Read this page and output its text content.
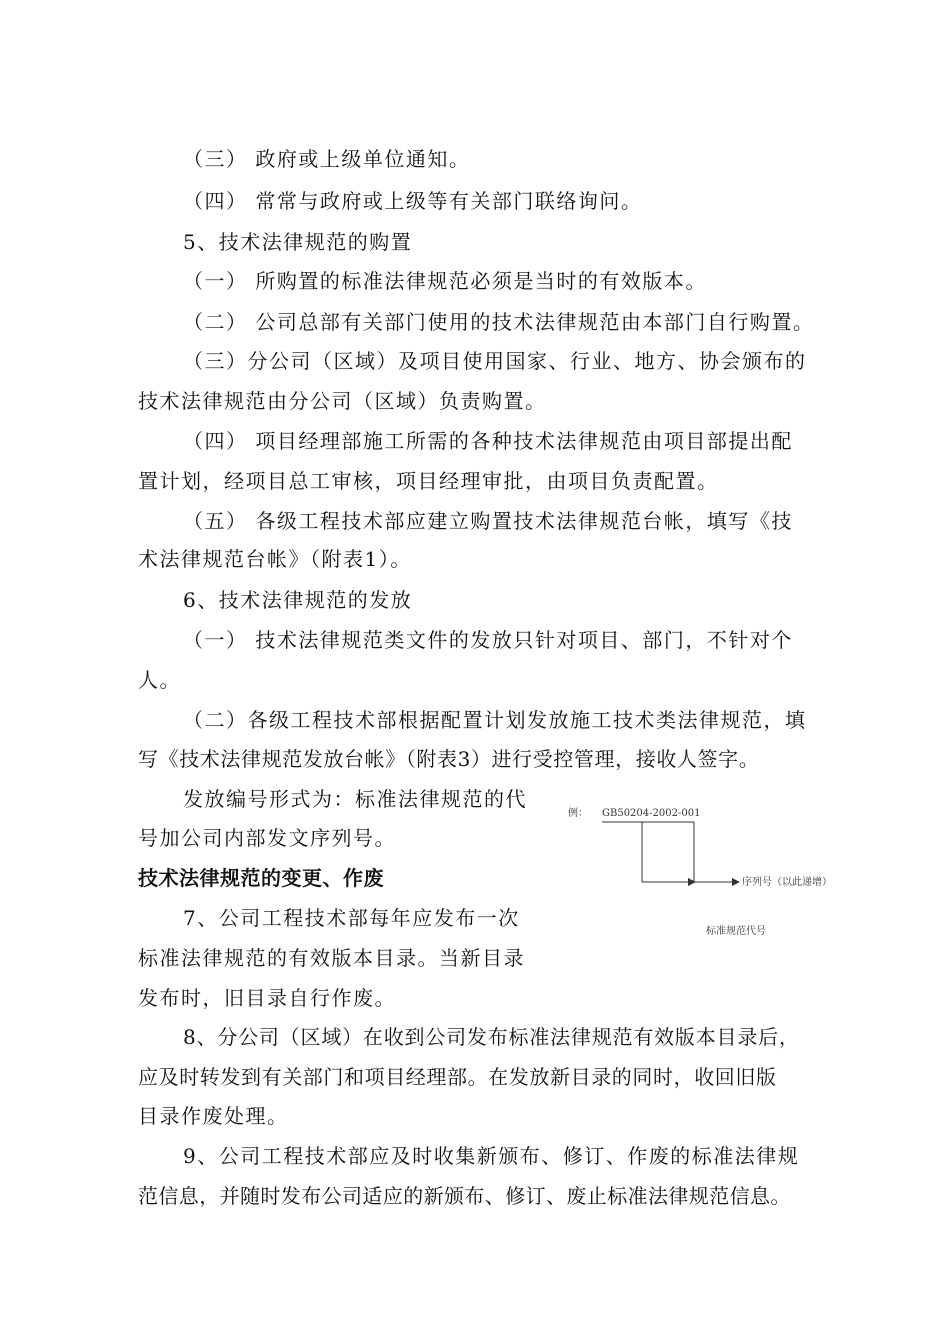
（三） 政府或上级单位通知。
（四） 常常与政府或上级等有关部门联络询问。
5、技术法律规范的购置
（一） 所购置的标准法律规范必须是当时的有效版本。
（二） 公司总部有关部门使用的技术法律规范由本部门自行购置。
（三）分公司（区域）及项目使用国家、行业、地方、协会颁布的
技术法律规范由分公司（区域）负责购置。
（四） 项目经理部施工所需的各种技术法律规范由项目部提出配
置计划，经项目总工审核，项目经理审批，由项目负责配置。
（五） 各级工程技术部应建立购置技术法律规范台帐，填写《技
术法律规范台帐》（附表1）。
6、技术法律规范的发放
（一） 技术法律规范类文件的发放只针对项目、部门，不针对个
人。
（二）各级工程技术部根据配置计划发放施工技术类法律规范，填
写《技术法律规范发放台帐》（附表3）进行受控管理，接收人签字。
发放编号形式为：标准法律规范的代
号加公司内部发文序列号。
技术法律规范的变更、作废
7、公司工程技术部每年应发布一次
标准法律规范的有效版本目录。当新目录
发布时，旧目录自行作废。
8、分公司（区域）在收到公司发布标准法律规范有效版本目录后，
应及时转发到有关部门和项目经理部。在发放新目录的同时，收回旧版
目录作废处理。
9、公司工程技术部应及时收集新颁布、修订、作废的标准法律规
范信息，并随时发布公司适应的新颁布、修订、废止标准法律规范信息。
例： GB50204-2002-001
序列号（以此递增）
标准规范代号
